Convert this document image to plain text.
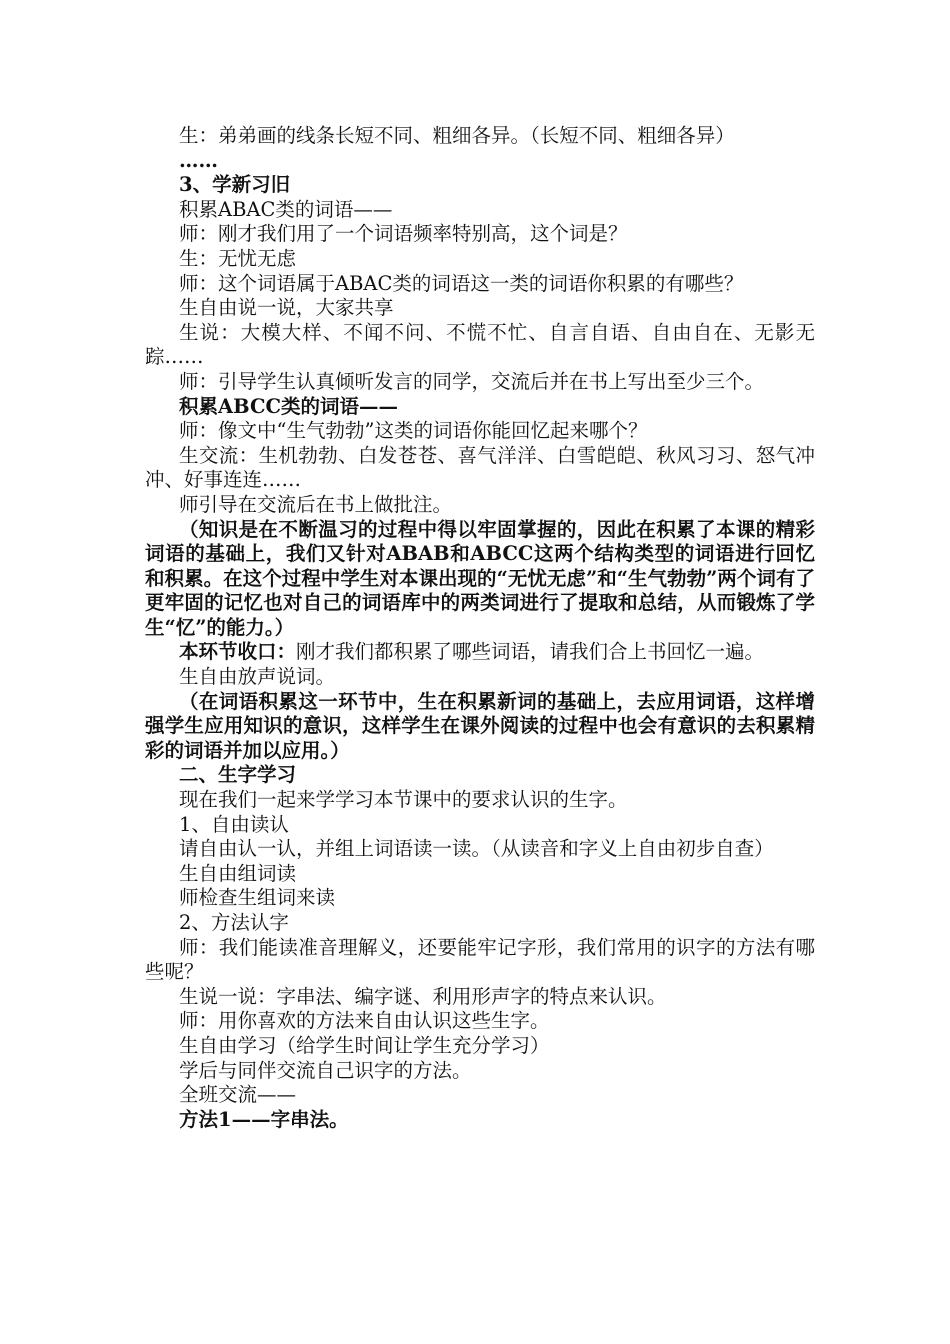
生：弟弟画的线条长短不同、粗细各异。（长短不同、粗细各异）

……

3、学新习旧

积累ABAC类的词语——

师：刚才我们用了一个词语频率特别高，这个词是？

生：无忧无虑

师：这个词语属于ABAC类的词语这一类的词语你积累的有哪些？

生自由说一说，大家共享

生说：大模大样、不闻不问、不慌不忙、自言自语、自由自在、无影无踪……

师：引导学生认真倾听发言的同学，交流后并在书上写出至少三个。

积累ABCC类的词语——

师：像文中“生气勃勃”这类的词语你能回忆起来哪个？

生交流：生机勃勃、白发苍苍、喜气洋洋、白雪皑皑、秋风习习、怒气冲冲、好事连连……

师引导在交流后在书上做批注。

（知识是在不断温习的过程中得以牢固掌握的，因此在积累了本课的精彩词语的基础上，我们又针对ABAB和ABCC这两个结构类型的词语进行回忆和积累。在这个过程中学生对本课出现的“无忧无虑”和“生气勃勃”两个词有了更牢固的记忆也对自己的词语库中的两类词进行了提取和总结，从而锻炼了学生“忆”的能力。）

本环节收口：刚才我们都积累了哪些词语，请我们合上书回忆一遍。

生自由放声说词。

（在词语积累这一环节中，生在积累新词的基础上，去应用词语，这样增强学生应用知识的意识，这样学生在课外阅读的过程中也会有意识的去积累精彩的词语并加以应用。）

二、生字学习

现在我们一起来学学习本节课中的要求认识的生字。

1、自由读认

请自由认一认，并组上词语读一读。（从读音和字义上自由初步自查）

生自由组词读

师检查生组词来读

2、方法认字

师：我们能读准音理解义，还要能牢记字形，我们常用的识字的方法有哪些呢？

生说一说：字串法、编字谜、利用形声字的特点来认识。

师：用你喜欢的方法来自由认识这些生字。

生自由学习（给学生时间让学生充分学习）

学后与同伴交流自己识字的方法。

全班交流——

方法1——字串法。
